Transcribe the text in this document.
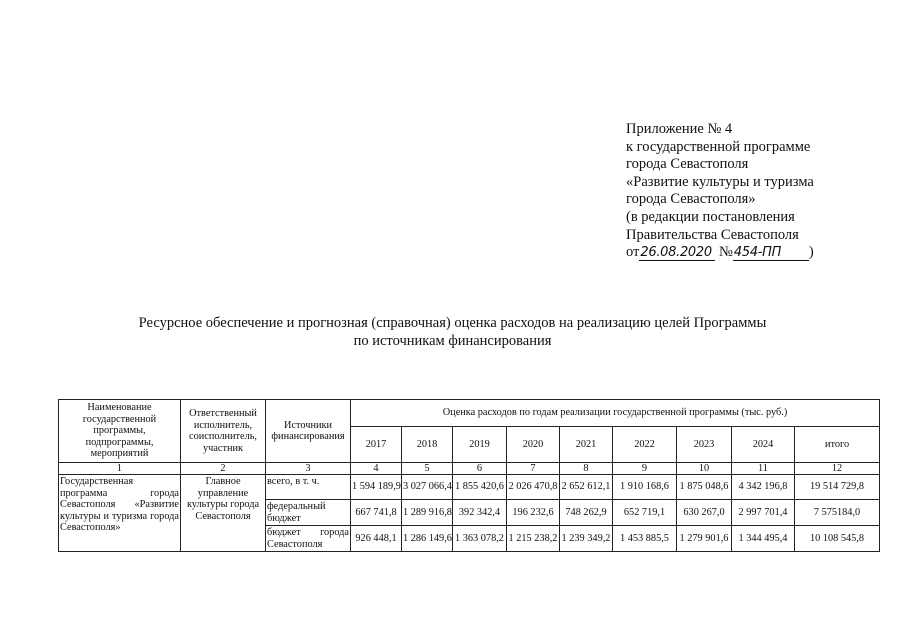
Приложение № 4
к государственной программе
города Севастополя
«Развитие культуры и туризма
города Севастополя»
(в редакции постановления
Правительства Севастополя
от26.08.2020 №454-ПП )
Ресурсное обеспечение и прогнозная (справочная) оценка расходов на реализацию целей Программы
по источникам финансирования
Наименование государственной программы, подпрограммы, мероприятий	Ответственный исполнитель, соисполнитель, участник	Источники финансирования	Оценка расходов по годам реализации государственной программы (тыс. руб.)								
			2017	2018	2019	2020	2021	2022	2023	2024	итого
1	2	3	4	5	6	7	8	9	10	11	12
Государственная программа города Севастополя «Развитие культуры и туризма города Севастополя»	Главное управление культуры города Севастополя	всего, в т. ч.	1 594 189,9	3 027 066,4	1 855 420,6	2 026 470,8	2 652 612,1	1 910 168,6	1 875 048,6	4 342 196,8	19 514 729,8
		федеральный бюджет	667 741,8	1 289 916,8	392 342,4	196 232,6	748 262,9	652 719,1	630 267,0	2 997 701,4	7 575184,0
		бюджет города Севастополя	926 448,1	1 286 149,6	1 363 078,2	1 215 238,2	1 239 349,2	1 453 885,5	1 279 901,6	1 344 495,4	10 108 545,8
